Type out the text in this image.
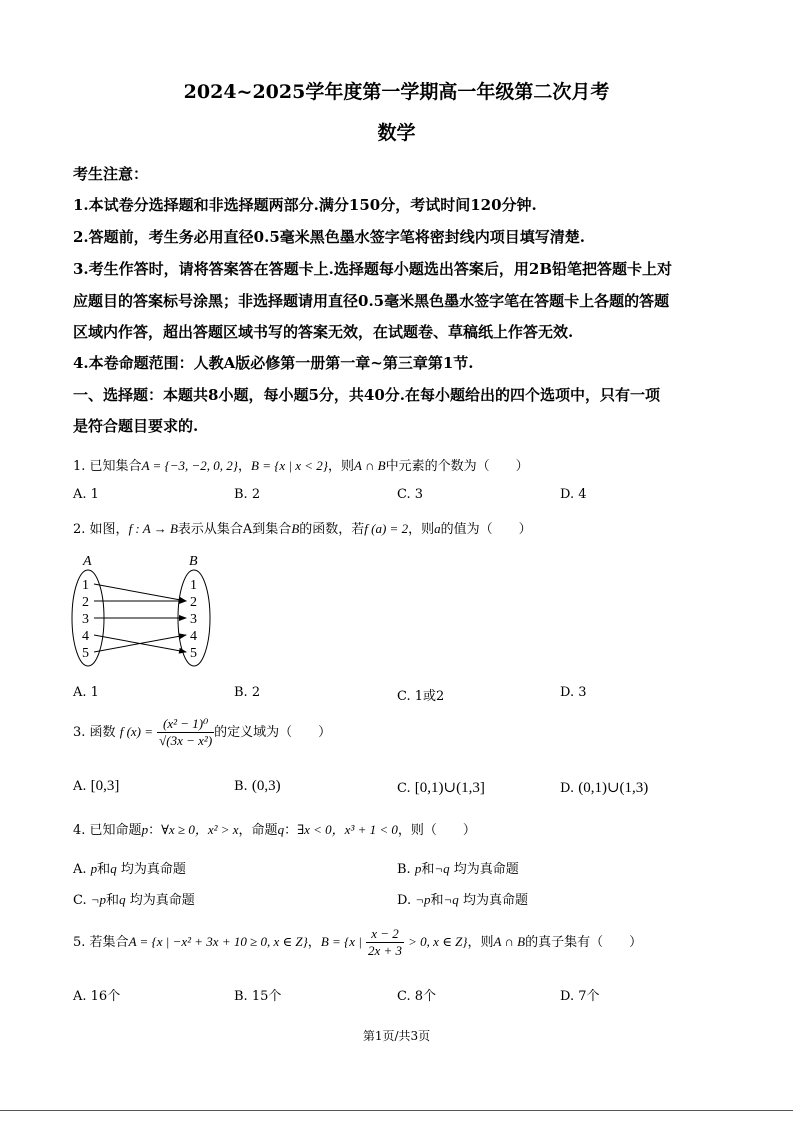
2024~2025学年度第一学期高一年级第二次月考
数学
考生注意：
1.本试卷分选择题和非选择题两部分.满分150分，考试时间120分钟.
2.答题前，考生务必用直径0.5毫米黑色墨水签字笔将密封线内项目填写清楚.
3.考生作答时，请将答案答在答题卡上.选择题每小题选出答案后，用2B铅笔把答题卡上对
应题目的答案标号涂黑；非选择题请用直径0.5毫米黑色墨水签字笔在答题卡上各题的答题
区域内作答，超出答题区域书写的答案无效，在试题卷、草稿纸上作答无效.
4.本卷命题范围：人教A版必修第一册第一章~第三章第1节.
一、选择题：本题共8小题，每小题5分，共40分.在每小题给出的四个选项中，只有一项
是符合题目要求的.
1. 已知集合A = {−3, −2, 0, 2}，B = {x | x < 2}，则A ∩ B中元素的个数为（　　）
A. 1	B. 2	C. 3	D. 4
2. 如图，f : A → B表示从集合A到集合B的函数，若f (a) = 2，则a的值为（　　）
A	B
1
2
3
4
5
1
2
3
4
5
A. 1	B. 2	C. 1或2	D. 3
3. 函数 f $(x) = \frac{\text{(x² − 1)⁰}}{\text{√(3x − x²)}}$ 的定义域为（　　）
A. [0,3]	B. (0,3)	C. [0,1)∪(1,3]	D. (0,1)∪(1,3)
4. 已知命题p：∀x ≥ 0，x² > x，命题q：∃x < 0，x³ + 1 < 0，则（　　）
A. p和q 均为真命题	B. p和¬q 均为真命题
C. ¬p和q 均为真命题	D. ¬p和¬q 均为真命题
5. 若集合A = {x | −x² + 3x + 10 ≥ 0, x ∈ Z}，B = {x | $\frac{x - 2}{2x + 3} > 0$, x ∈ Z}，则A ∩ B的真子集有（　　）
A. 16个	B. 15个	C. 8个	D. 7个
第1页/共3页
